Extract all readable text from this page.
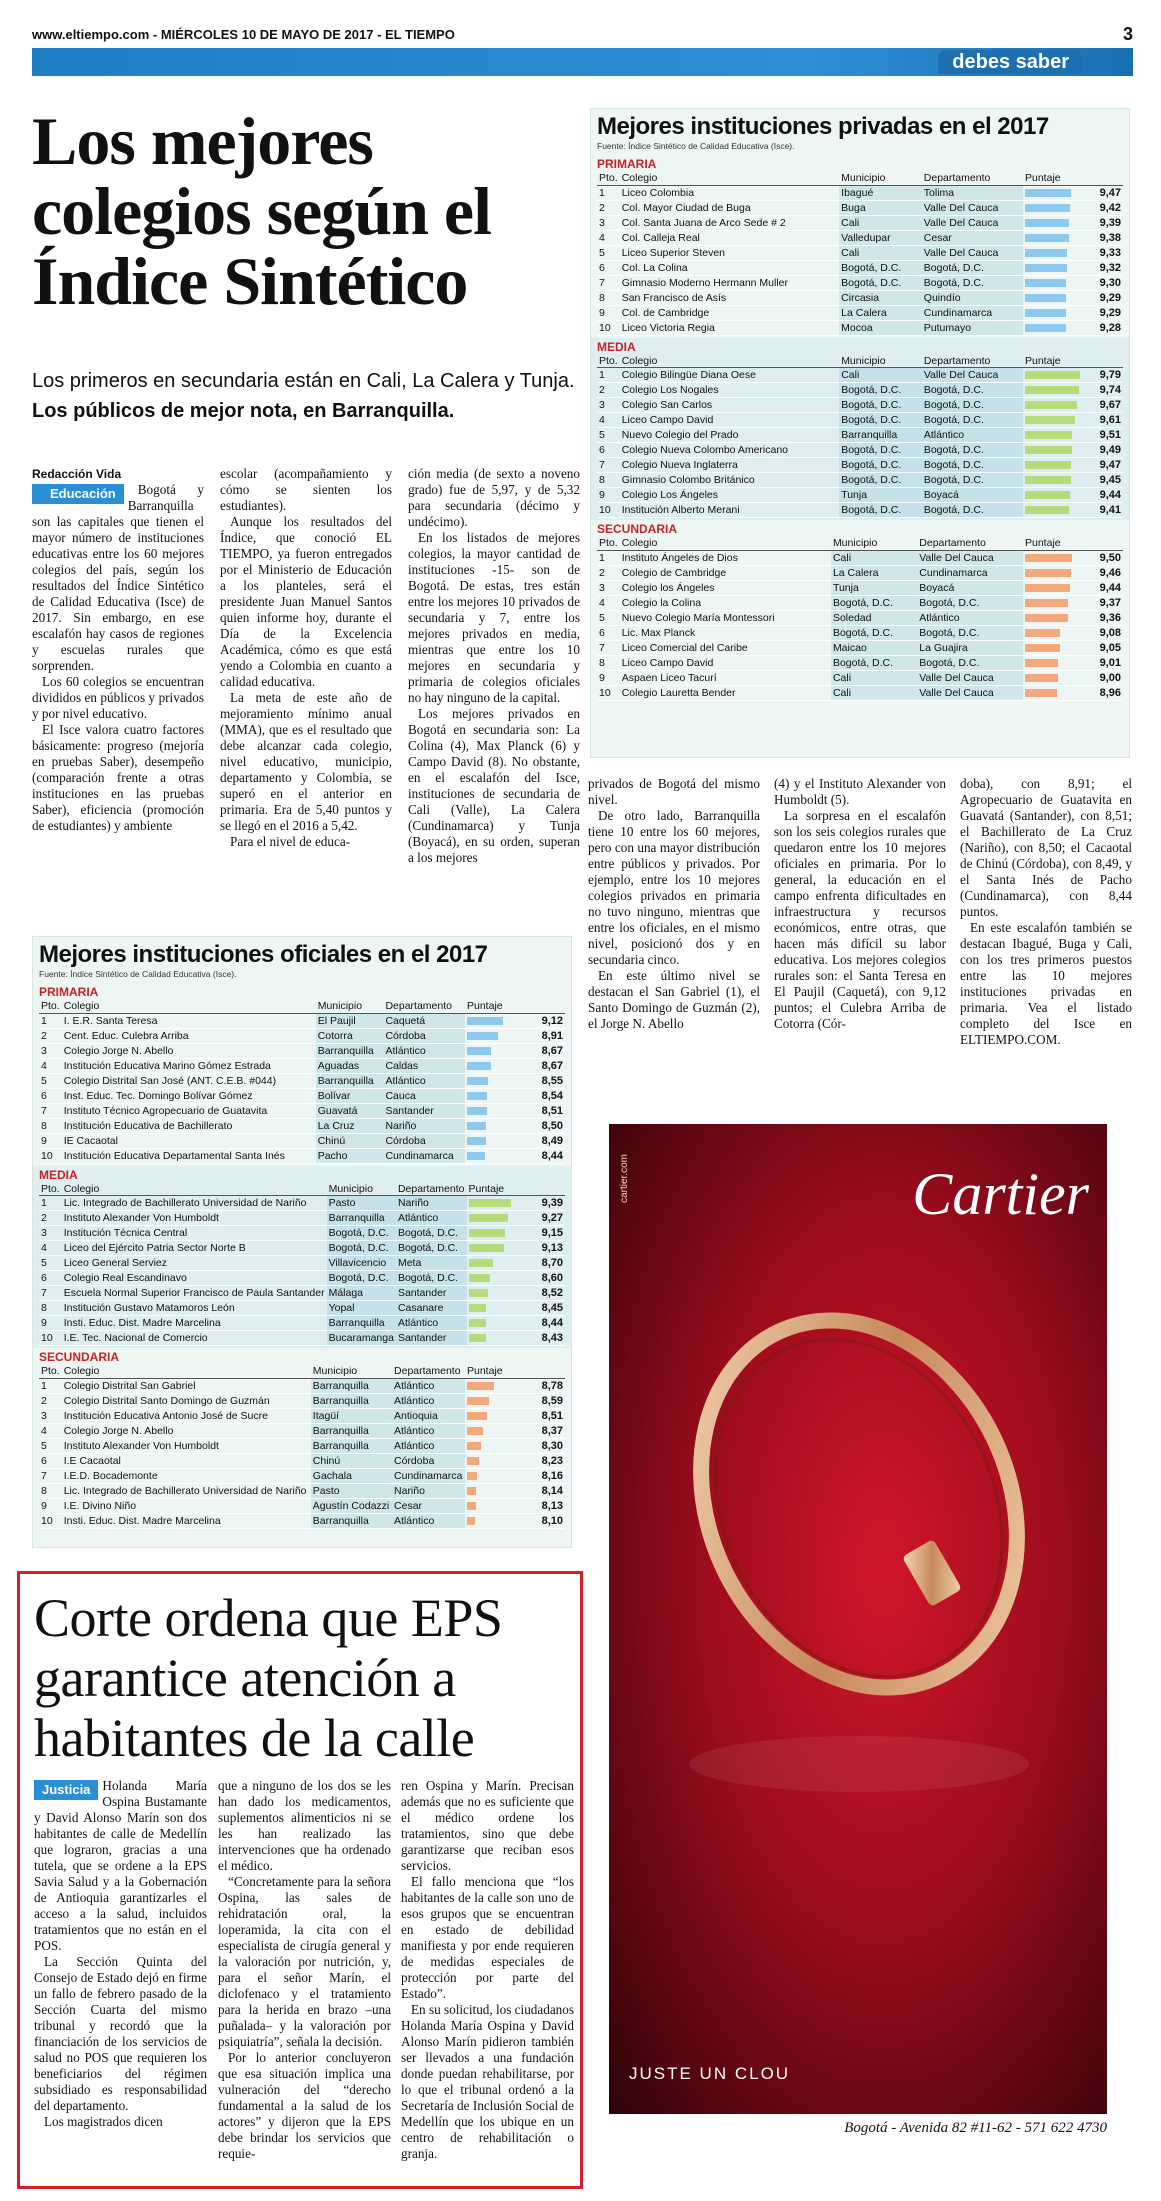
www.eltiempo.com - MIÉRCOLES 10 DE MAYO DE 2017 - EL TIEMPO	3
debes saber
Los mejores colegios según el Índice Sintético
Los primeros en secundaria están en Cali, La Calera y Tunja. Los públicos de mejor nota, en Barranquilla.

Redacción Vida

Educación	Bogotá y Barranquilla son las capitales que tienen el mayor número de instituciones educativas entre los 60 mejores colegios del país, según los resultados del Índice Sintético de Calidad Educativa (Isce) de 2017. Sin embargo, en ese escalafón hay casos de regiones y escuelas rurales que sorprenden.

Los 60 colegios se encuentran divididos en públicos y privados y por nivel educativo.

El Isce valora cuatro factores básicamente: progreso (mejoría en pruebas Saber), desempeño (comparación frente a otras instituciones en las pruebas Saber), eficiencia (promoción de estudiantes) y ambiente

escolar (acompañamiento y cómo se sienten los estudiantes).

Aunque los resultados del Índice, que conoció EL TIEMPO, ya fueron entregados por el Ministerio de Educación a los planteles, será el presidente Juan Manuel Santos quien informe hoy, durante el Día de la Excelencia Académica, cómo es que está yendo a Colombia en cuanto a calidad educativa.

La meta de este año de mejoramiento mínimo anual (MMA), que es el resultado que debe alcanzar cada colegio, nivel educativo, municipio, departamento y Colombia, se superó en el anterior en primaria. Era de 5,40 puntos y se llegó en el 2016 a 5,42.

Para el nivel de educa-

ción media (de sexto a noveno grado) fue de 5,97, y de 5,32 para secundaria (décimo y undécimo).

En los listados de mejores colegios, la mayor cantidad de instituciones -15- son de Bogotá. De estas, tres están entre los mejores 10 privados de secundaria y 7, entre los mejores privados en media, mientras que entre los 10 mejores en secundaria y primaria de colegios oficiales no hay ninguno de la capital.

Los mejores privados en Bogotá en secundaria son: La Colina (4), Max Planck (6) y Campo David (8). No obstante, en el escalafón del Isce, instituciones de secundaria de Cali (Valle), La Calera (Cundinamarca) y Tunja (Boyacá), en su orden, superan a los mejores

privados de Bogotá del mismo nivel.

De otro lado, Barranquilla tiene 10 entre los 60 mejores, pero con una mayor distribución entre públicos y privados. Por ejemplo, entre los 10 mejores colegios privados en primaria no tuvo ninguno, mientras que entre los oficiales, en el mismo nivel, posicionó dos y en secundaria cinco.

En este último nivel se destacan el San Gabriel (1), el Santo Domingo de Guzmán (2), el Jorge N. Abello

(4) y el Instituto Alexander von Humboldt (5).

La sorpresa en el escalafón son los seis colegios rurales que quedaron entre los 10 mejores oficiales en primaria. Por lo general, la educación en el campo enfrenta dificultades en infraestructura y recursos económicos, entre otras, que hacen más difícil su labor educativa. Los mejores colegios rurales son: el Santa Teresa en El Paujil (Caquetá), con 9,12 puntos; el Culebra Arriba de Cotorra (Cór-

doba), con 8,91; el Agropecuario de Guatavita en Guavatá (Santander), con 8,51; el Bachillerato de La Cruz (Nariño), con 8,50; el Cacaotal de Chinú (Córdoba), con 8,49, y el Santa Inés de Pacho (Cundinamarca), con 8,44 puntos.

En este escalafón también se destacan Ibagué, Buga y Cali, con los tres primeros puestos entre las 10 mejores instituciones privadas en primaria. Vea el listado completo del Isce en ELTIEMPO.COM.

Mejores instituciones privadas en el 2017
Fuente: Índice Sintético de Calidad Educativa (Isce).
PRIMARIA
Pto.	Colegio	Municipio	Departamento	Puntaje	
1	Liceo Colombia	Ibagué	Tolima		9,47
2	Col. Mayor Ciudad de Buga	Buga	Valle Del Cauca		9,42
3	Col. Santa Juana de Arco Sede # 2	Cali	Valle Del Cauca		9,39
4	Col. Calleja Real	Valledupar	Cesar		9,38
5	Liceo Superior Steven	Cali	Valle Del Cauca		9,33
6	Col. La Colina	Bogotá, D.C.	Bogotá, D.C.		9,32
7	Gimnasio Moderno Hermann Muller	Bogotá, D.C.	Bogotá, D.C.		9,30
8	San Francisco de Asís	Circasia	Quindío		9,29
9	Col. de Cambridge	La Calera	Cundinamarca		9,29
10	Liceo Victoria Regia	Mocoa	Putumayo		9,28
MEDIA
Pto.	Colegio	Municipio	Departamento	Puntaje	
1	Colegio Bilingüe Diana Oese	Cali	Valle Del Cauca		9,79
2	Colegio Los Nogales	Bogotá, D.C.	Bogotá, D.C.		9,74
3	Colegio San Carlos	Bogotá, D.C.	Bogotá, D.C.		9,67
4	Liceo Campo David	Bogotá, D.C.	Bogotá, D.C.		9,61
5	Nuevo Colegio del Prado	Barranquilla	Atlántico		9,51
6	Colegio Nueva Colombo Americano	Bogotá, D.C.	Bogotá, D.C.		9,49
7	Colegio Nueva Inglaterra	Bogotá, D.C.	Bogotá, D.C.		9,47
8	Gimnasio Colombo Británico	Bogotá, D.C.	Bogotá, D.C.		9,45
9	Colegio Los Ángeles	Tunja	Boyacá		9,44
10	Institución Alberto Merani	Bogotá, D.C.	Bogotá, D.C.		9,41
SECUNDARIA
Pto.	Colegio	Municipio	Departamento	Puntaje	
1	Instituto Ángeles de Dios	Cali	Valle Del Cauca		9,50
2	Colegio de Cambridge	La Calera	Cundinamarca		9,46
3	Colegio los Ángeles	Tunja	Boyacá		9,44
4	Colegio la Colina	Bogotá, D.C.	Bogotá, D.C.		9,37
5	Nuevo Colegio María Montessori	Soledad	Atlántico		9,36
6	Lic. Max Planck	Bogotá, D.C.	Bogotá, D.C.		9,08
7	Liceo Comercial del Caribe	Maicao	La Guajira		9,05
8	Liceo Campo David	Bogotá, D.C.	Bogotá, D.C.		9,01
9	Aspaen Liceo Tacurí	Cali	Valle Del Cauca		9,00
10	Colegio Lauretta Bender	Cali	Valle Del Cauca		8,96
Mejores instituciones oficiales en el 2017
Fuente: Índice Sintético de Calidad Educativa (Isce).
PRIMARIA
Pto.	Colegio	Municipio	Departamento	Puntaje	
1	I. E.R. Santa Teresa	El Paujil	Caquetá		9,12
2	Cent. Educ. Culebra Arriba	Cotorra	Córdoba		8,91
3	Colegio Jorge N. Abello	Barranquilla	Atlántico		8,67
4	Institución Educativa Marino Gómez Estrada	Aguadas	Caldas		8,67
5	Colegio Distrital San José (ANT. C.E.B. #044)	Barranquilla	Atlántico		8,55
6	Inst. Educ. Tec. Domingo Bolívar Gómez	Bolívar	Cauca		8,54
7	Instituto Técnico Agropecuario de Guatavita	Guavatá	Santander		8,51
8	Institución Educativa de Bachillerato	La Cruz	Nariño		8,50
9	IE Cacaotal	Chinú	Córdoba		8,49
10	Institución Educativa Departamental Santa Inés	Pacho	Cundinamarca		8,44
MEDIA
Pto.	Colegio	Municipio	Departamento	Puntaje	
1	Lic. Integrado de Bachillerato Universidad de Nariño	Pasto	Nariño		9,39
2	Instituto Alexander Von Humboldt	Barranquilla	Atlántico		9,27
3	Institución Técnica Central	Bogotá, D.C.	Bogotá, D.C.		9,15
4	Liceo del Ejército Patria Sector Norte B	Bogotá, D.C.	Bogotá, D.C.		9,13
5	Liceo General Serviez	Villavicencio	Meta		8,70
6	Colegio Real Escandinavo	Bogotá, D.C.	Bogotá, D.C.		8,60
7	Escuela Normal Superior Francisco de Paula Santander	Málaga	Santander		8,52
8	Institución Gustavo Matamoros León	Yopal	Casanare		8,45
9	Insti. Educ. Dist. Madre Marcelina	Barranquilla	Atlántico		8,44
10	I.E. Tec. Nacional de Comercio	Bucaramanga	Santander		8,43
SECUNDARIA
Pto.	Colegio	Municipio	Departamento	Puntaje	
1	Colegio Distrital San Gabriel	Barranquilla	Atlántico		8,78
2	Colegio Distrital Santo Domingo de Guzmán	Barranquilla	Atlántico		8,59
3	Institución Educativa Antonio José de Sucre	Itagüí	Antioquia		8,51
4	Colegio Jorge N. Abello	Barranquilla	Atlántico		8,37
5	Instituto Alexander Von Humboldt	Barranquilla	Atlántico		8,30
6	I.E Cacaotal	Chinú	Córdoba		8,23
7	I.E.D. Bocademonte	Gachala	Cundinamarca		8,16
8	Lic. Integrado de Bachillerato Universidad de Nariño	Pasto	Nariño		8,14
9	I.E. Divino Niño	Agustín Codazzi	Cesar		8,13
10	Insti. Educ. Dist. Madre Marcelina	Barranquilla	Atlántico		8,10
Corte ordena que EPS garantice atención a habitantes de la calle

Justicia Holanda María Ospina Bustamante y David Alonso Marín son dos habitantes de calle de Medellín que lograron, gracias a una tutela, que se ordene a la EPS Savia Salud y a la Gobernación de Antioquia garantizarles el acceso a la salud, incluidos tratamientos que no están en el POS.

La Sección Quinta del Consejo de Estado dejó en firme un fallo de febrero pasado de la Sección Cuarta del mismo tribunal y recordó que la financiación de los servicios de salud no POS que requieren los beneficiarios del régimen subsidiado es responsabilidad del departamento.

Los magistrados dicen

que a ninguno de los dos se les han dado los medicamentos, suplementos alimenticios ni se les han realizado las intervenciones que ha ordenado el médico.

“Concretamente para la señora Ospina, las sales de rehidratación oral, la loperamida, la cita con el especialista de cirugía general y la valoración por nutrición, y, para el señor Marín, el diclofenaco y el tratamiento para la herida en brazo –una puñalada– y la valoración por psiquiatría”, señala la decisión.

Por lo anterior concluyeron que esa situación implica una vulneración del “derecho fundamental a la salud de los actores” y dijeron que la EPS debe brindar los servicios que requie-

ren Ospina y Marín. Precisan además que no es suficiente que el médico ordene los tratamientos, sino que debe garantizarse que reciban esos servicios.

El fallo menciona que “los habitantes de la calle son uno de esos grupos que se encuentran en estado de debilidad manifiesta y por ende requieren de medidas especiales de protección por parte del Estado”.

En su solicitud, los ciudadanos Holanda María Ospina y David Alonso Marín pidieron también ser llevados a una fundación donde puedan rehabilitarse, por lo que el tribunal ordenó a la Secretaría de Inclusión Social de Medellín que los ubique en un centro de rehabilitación o granja.

cartier.com	Cartier
JUSTE UN CLOU
Bogotá - Avenida 82 #11-62 - 571 622 4730
